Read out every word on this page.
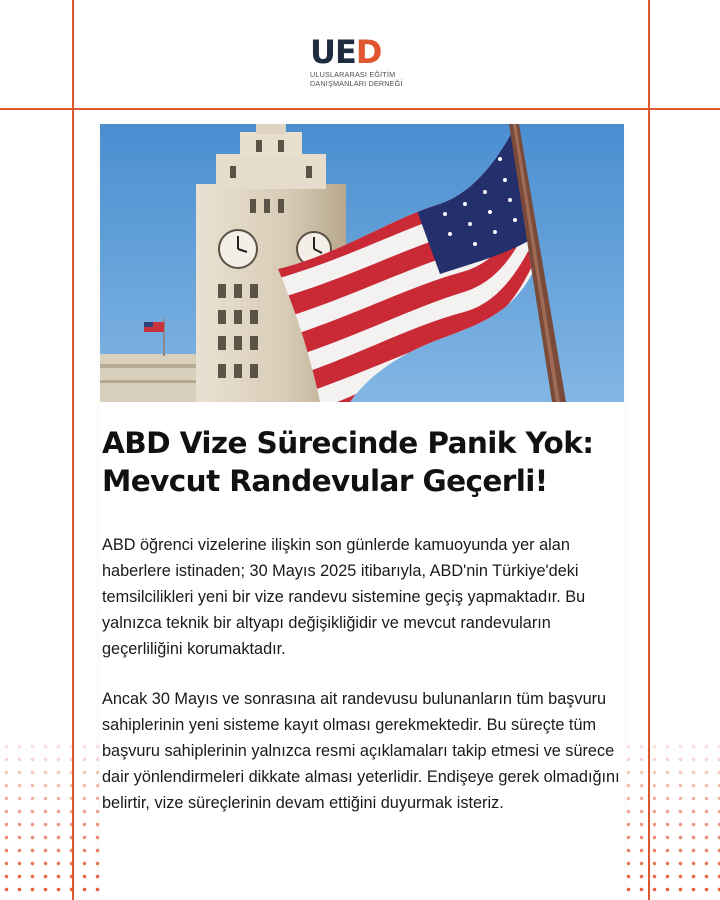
UED
ULUSLARARASI EĞİTİM
DANIŞMANLARI DERNEĞİ
ABD Vize Sürecinde Panik Yok:
Mevcut Randevular Geçerli!
ABD öğrenci vizelerine ilişkin son günlerde kamuoyunda yer alan haberlere istinaden; 30 Mayıs 2025 itibarıyla, ABD'nin Türkiye'deki temsilcilikleri yeni bir vize randevu sistemine geçiş yapmaktadır. Bu yalnızca teknik bir altyapı değişikliğidir ve mevcut randevuların geçerliliğini korumaktadır.
Ancak 30 Mayıs ve sonrasına ait randevusu bulunanların tüm başvuru sahiplerinin yeni sisteme kayıt olması gerekmektedir. Bu süreçte tüm başvuru sahiplerinin yalnızca resmi açıklamaları takip etmesi ve sürece dair yönlendirmeleri dikkate alması yeterlidir. Endişeye gerek olmadığını belirtir, vize süreçlerinin devam ettiğini duyurmak isteriz.
